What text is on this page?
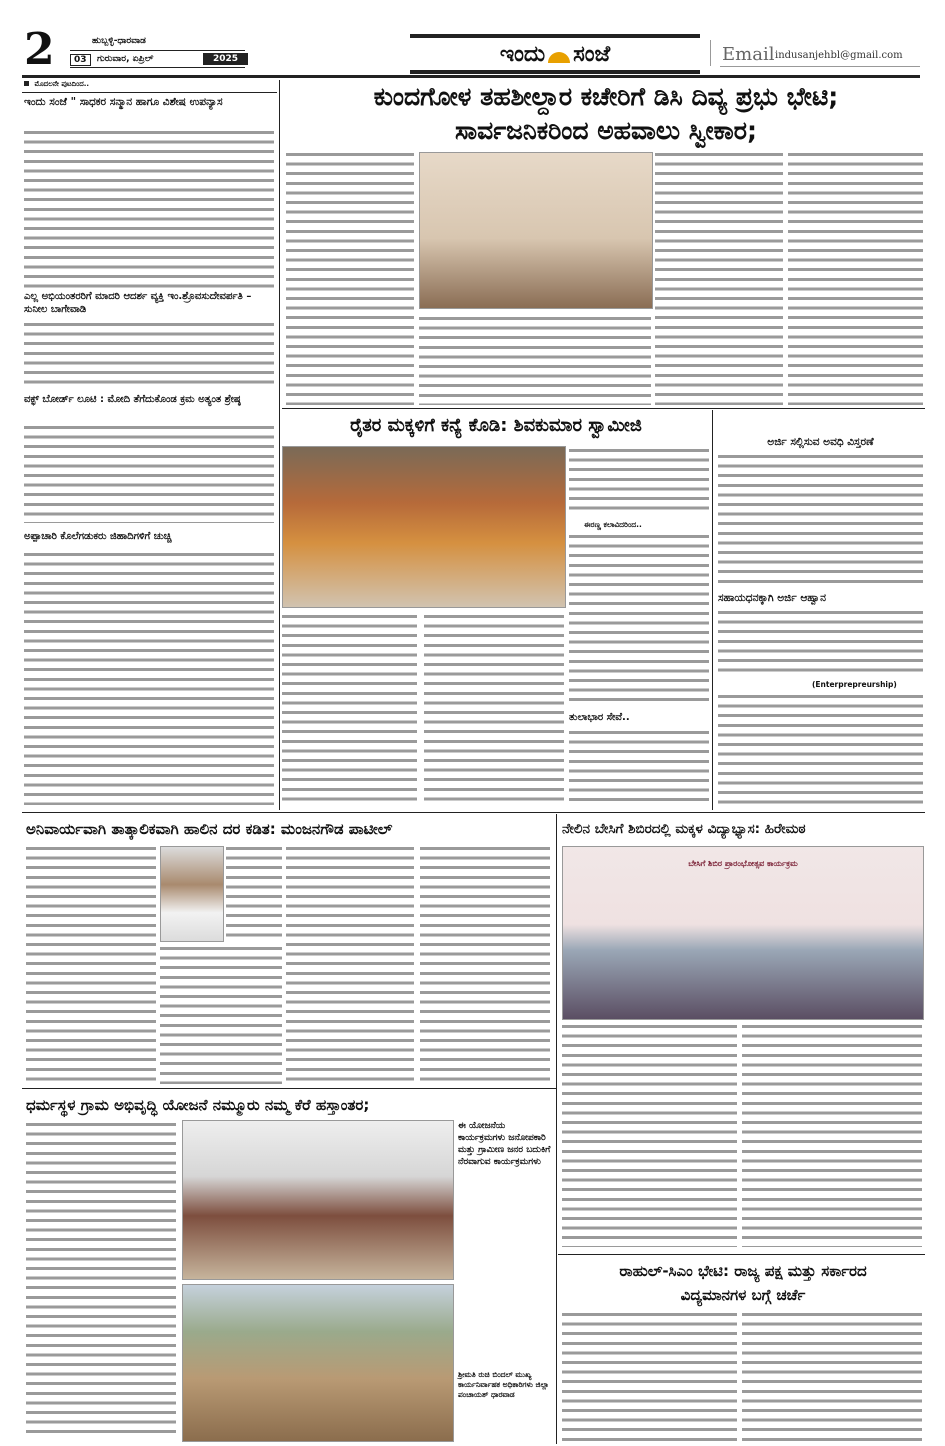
2	ಹುಬ್ಬಳ್ಳಿ-ಧಾರವಾಡ
03	ಗುರುವಾರ, ಏಪ್ರಿಲ್	2025	ಇಂದು ಸಂಜೆ	Email indusanjehbl@gmail.com
ಮೊದಲನೇ ಪುಟದಿಂದ..
ಇಂದು ಸಂಜೆ " ಸಾಧಕರ ಸನ್ಮಾನ ಹಾಗೂ ವಿಶೇಷ ಉಪನ್ಯಾಸ
ಎಲ್ಲ ಅಭಿಯಂತರರಿಗೆ ಮಾದರಿ ಆದರ್ಶ ವ್ಯಕ್ತಿ ಇಂ.ಶ್ರೊವಸುದೇವರ್ಪತಿ – ಸುನೀಲ ಬಾಗೇವಾಡಿ
ವಕ್ಫ್ ಬೋರ್ಡ್ ಲೂಟಿ : ಮೋದಿ ತೆಗೆದುಕೊಂಡ ಕ್ರಮ ಅತ್ಯಂತ ಶ್ರೇಷ್ಠ
ಅಪ್ಪಾಚಾರಿ ಕೊಲೆಗಡುಕರು ಜಿಹಾದಿಗಳಿಗೆ ಚುಚ್ಚಿ
ಕುಂದಗೋಳ ತಹಶೀಲ್ದಾರ ಕಚೇರಿಗೆ ಡಿಸಿ ದಿವ್ಯ ಪ್ರಭು ಭೇಟಿ;
ಸಾರ್ವಜನಿಕರಿಂದ ಅಹವಾಲು ಸ್ವೀಕಾರ;
ರೈತರ ಮಕ್ಕಳಿಗೆ ಕನ್ಯೆ ಕೊಡಿ: ಶಿವಕುಮಾರ ಸ್ವಾಮೀಜಿ
ಈರಣ್ಣ ಕಲಾವಿದರಿಂದ..
ತುಲಾಭಾರ ಸೇವೆ..
ಅರ್ಜಿ ಸಲ್ಲಿಸುವ ಅವಧಿ ವಿಸ್ತರಣೆ
ಸಹಾಯಧನಕ್ಕಾಗಿ ಅರ್ಜಿ ಆಹ್ವಾನ
(Enterprepreurship)
ಅನಿವಾರ್ಯವಾಗಿ ತಾತ್ಕಾಲಿಕವಾಗಿ ಹಾಲಿನ ದರ ಕಡಿತ: ಮಂಜನಗೌಡ ಪಾಟೀಲ್	ನೇಲಿನ ಬೇಸಿಗೆ ಶಿಬಿರದಲ್ಲಿ ಮಕ್ಕಳ ವಿದ್ಯಾಭ್ಯಾಸ: ಹಿರೇಮಠ
ಬೇಸಿಗೆ ಶಿಬಿರ ಪ್ರಾರಂಭೋತ್ಸವ ಕಾರ್ಯಕ್ರಮ
ರಾಹುಲ್-ಸಿಎಂ ಭೇಟಿ: ರಾಜ್ಯ ಪಕ್ಷ ಮತ್ತು ಸರ್ಕಾರದ
ವಿದ್ಯಮಾನಗಳ ಬಗ್ಗೆ ಚರ್ಚೆ
ಧರ್ಮಸ್ಥಳ ಗ್ರಾಮ ಅಭಿವೃದ್ಧಿ ಯೋಜನೆ ನಮ್ಮೂರು ನಮ್ಮ ಕೆರೆ ಹಸ್ತಾಂತರ;
ಈ ಯೋಜನೆಯ ಕಾರ್ಯಕ್ರಮಗಳು ಜನೋಪಕಾರಿ ಮತ್ತು ಗ್ರಾಮೀಣ ಜನರ ಬದುಕಿಗೆ ನೆರವಾಗುವ ಕಾರ್ಯಕ್ರಮಗಳು
ಶ್ರೀಮತಿ ರುಚಿ ಬಿಂದಲ್ ಮುಖ್ಯ ಕಾರ್ಯನಿರ್ವಾಹಕ ಅಧಿಕಾರಿಗಳು ಜಿಲ್ಲಾ ಪಂಚಾಯತ್ ಧಾರವಾಡ
